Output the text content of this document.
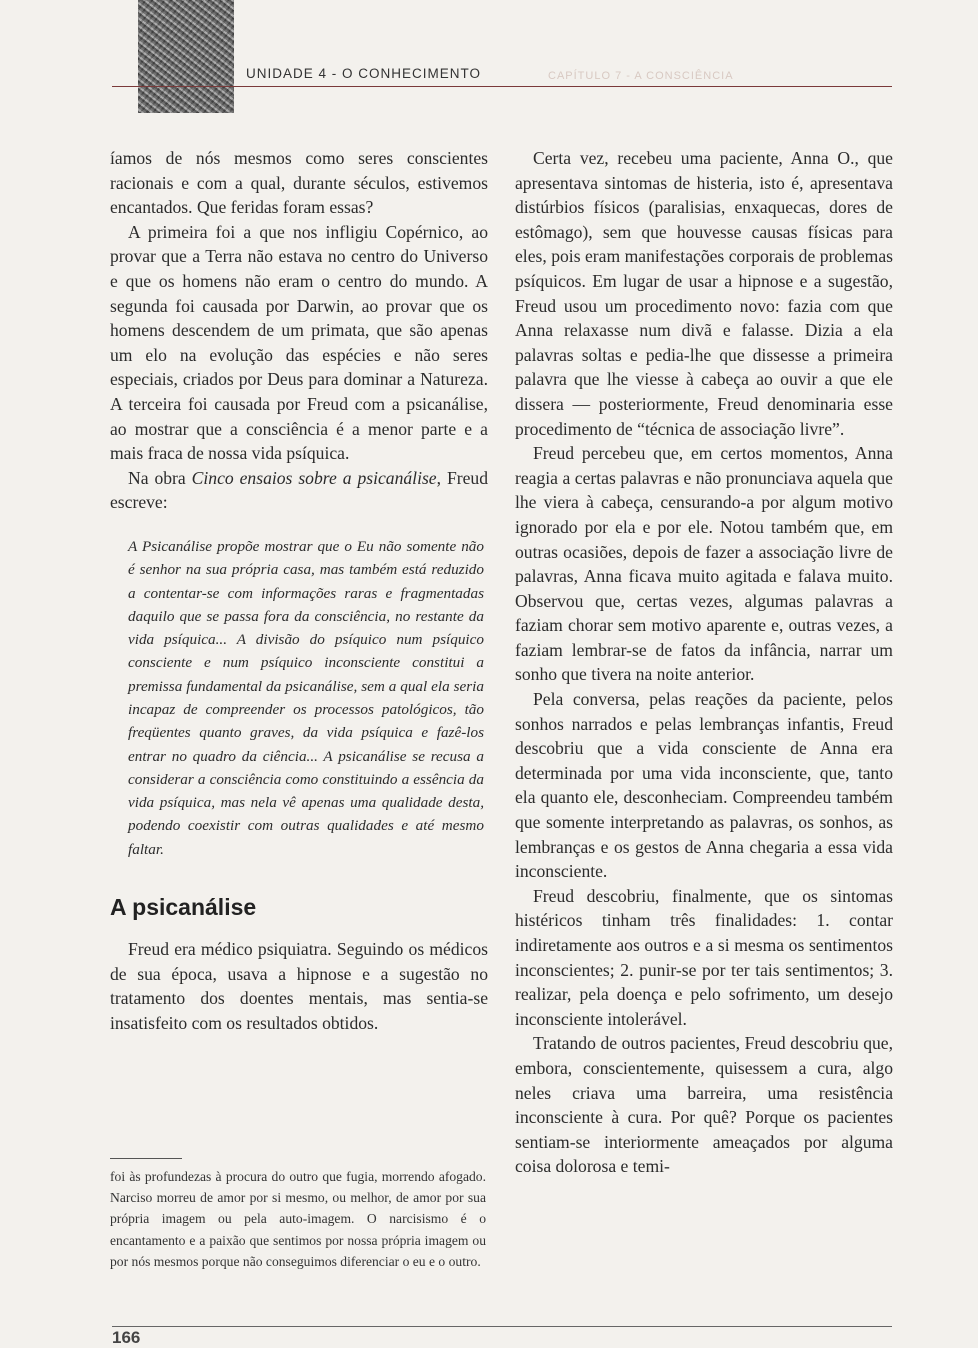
UNIDADE 4 - O CONHECIMENTO	CAPÍTULO 7 - A CONSCIÊNCIA

íamos de nós mesmos como seres conscientes racionais e com a qual, durante séculos, estivemos encantados. Que feridas foram essas?

A primeira foi a que nos infligiu Copérnico, ao provar que a Terra não estava no centro do Universo e que os homens não eram o centro do mundo. A segunda foi causada por Darwin, ao provar que os homens descendem de um primata, que são apenas um elo na evolução das espécies e não seres especiais, criados por Deus para dominar a Natureza. A terceira foi causada por Freud com a psicanálise, ao mostrar que a consciência é a menor parte e a mais fraca de nossa vida psíquica.

Na obra Cinco ensaios sobre a psicanálise, Freud escreve:

A Psicanálise propõe mostrar que o Eu não somente não é senhor na sua própria casa, mas também está reduzido a contentar-se com informações raras e fragmentadas daquilo que se passa fora da consciência, no restante da vida psíquica... A divisão do psíquico num psíquico consciente e num psíquico inconsciente constitui a premissa fundamental da psicanálise, sem a qual ela seria incapaz de compreender os processos patológicos, tão freqüentes quanto graves, da vida psíquica e fazê-los entrar no quadro da ciência... A psicanálise se recusa a considerar a consciência como constituindo a essência da vida psíquica, mas nela vê apenas uma qualidade desta, podendo coexistir com outras qualidades e até mesmo faltar.
A psicanálise

Freud era médico psiquiatra. Seguindo os médicos de sua época, usava a hipnose e a sugestão no tratamento dos doentes mentais, mas sentia-se insatisfeito com os resultados obtidos.

foi às profundezas à procura do outro que fugia, morrendo afogado. Narciso morreu de amor por si mesmo, ou melhor, de amor por sua própria imagem ou pela auto-imagem. O narcisismo é o encantamento e a paixão que sentimos por nossa própria imagem ou por nós mesmos porque não conseguimos diferenciar o eu e o outro.

Certa vez, recebeu uma paciente, Anna O., que apresentava sintomas de histeria, isto é, apresentava distúrbios físicos (paralisias, enxaquecas, dores de estômago), sem que houvesse causas físicas para eles, pois eram manifestações corporais de problemas psíquicos. Em lugar de usar a hipnose e a sugestão, Freud usou um procedimento novo: fazia com que Anna relaxasse num divã e falasse. Dizia a ela palavras soltas e pedia-lhe que dissesse a primeira palavra que lhe viesse à cabeça ao ouvir a que ele dissera — posteriormente, Freud denominaria esse procedimento de “técnica de associação livre”.

Freud percebeu que, em certos momentos, Anna reagia a certas palavras e não pronunciava aquela que lhe viera à cabeça, censurando-a por algum motivo ignorado por ela e por ele. Notou também que, em outras ocasiões, depois de fazer a associação livre de palavras, Anna ficava muito agitada e falava muito. Observou que, certas vezes, algumas palavras a faziam chorar sem motivo aparente e, outras vezes, a faziam lembrar-se de fatos da infância, narrar um sonho que tivera na noite anterior.

Pela conversa, pelas reações da paciente, pelos sonhos narrados e pelas lembranças infantis, Freud descobriu que a vida consciente de Anna era determinada por uma vida inconsciente, que, tanto ela quanto ele, desconheciam. Compreendeu também que somente interpretando as palavras, os sonhos, as lembranças e os gestos de Anna chegaria a essa vida inconsciente.

Freud descobriu, finalmente, que os sintomas histéricos tinham três finalidades: 1. contar indiretamente aos outros e a si mesma os sentimentos inconscientes; 2. punir-se por ter tais sentimentos; 3. realizar, pela doença e pelo sofrimento, um desejo inconsciente intolerável.

Tratando de outros pacientes, Freud descobriu que, embora, conscientemente, quisessem a cura, algo neles criava uma barreira, uma resistência inconsciente à cura. Por quê? Porque os pacientes sentiam-se interiormente ameaçados por alguma coisa dolorosa e temi-

166
